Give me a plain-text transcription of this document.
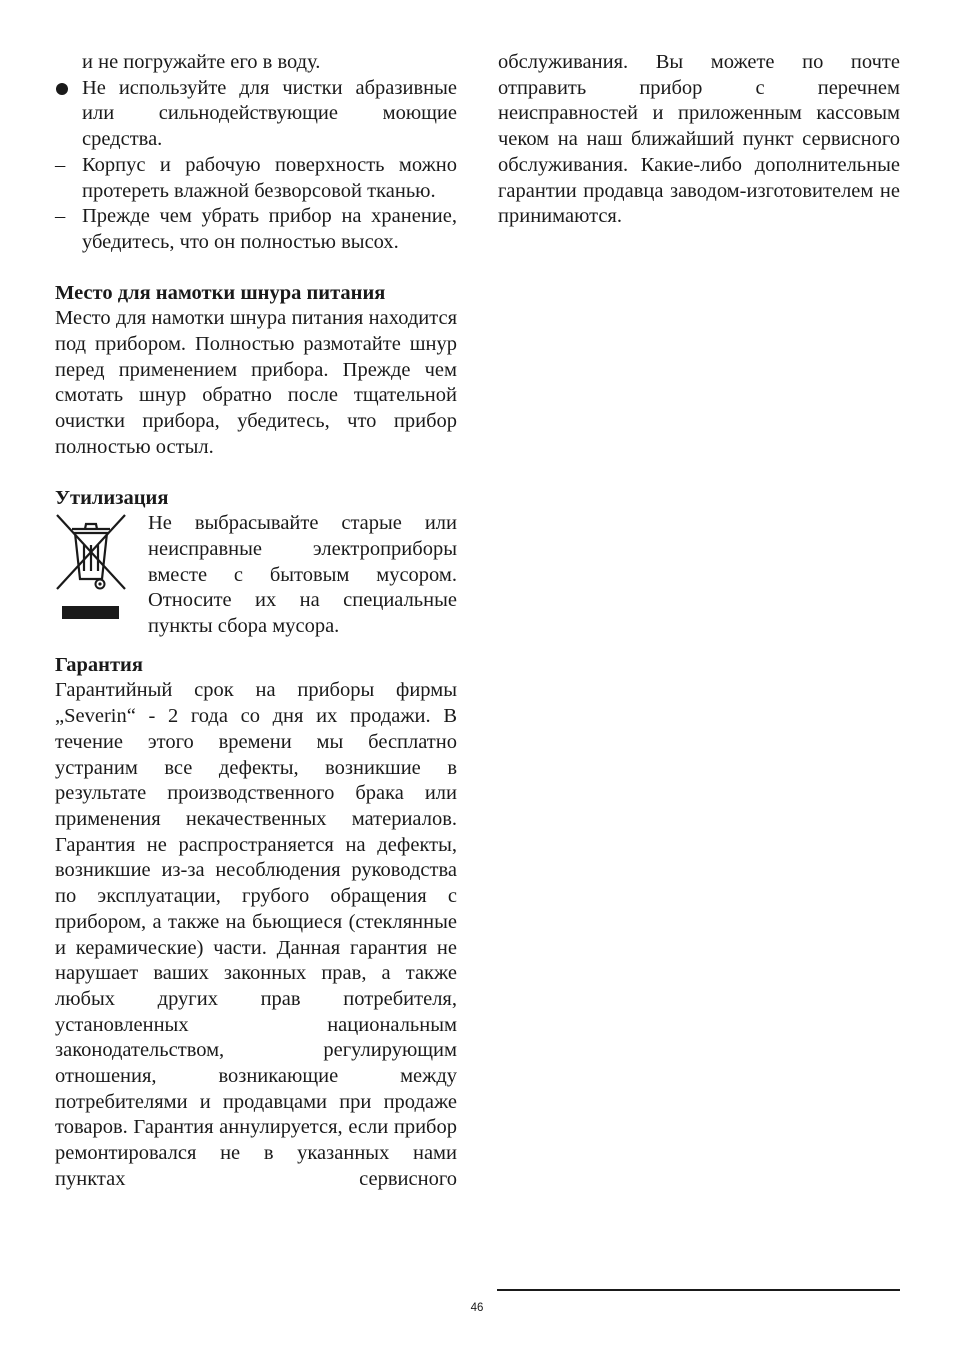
и не погружайте его в воду.

Не используйте для чистки абразивные или сильнодействующие моющие средства.
– Корпус и рабочую поверхность можно протереть влажной безворсовой тканью.
– Прежде чем убрать прибор на хранение, убедитесь, что он полностью высох.

Место для намотки шнура питания

Место для намотки шнура питания находится под прибором. Полностью размотайте шнур перед применением прибора. Прежде чем смотать шнур обратно после тщательной очистки прибора, убедитесь, что прибор полностью остыл.

Утилизация

Не выбрасывайте старые или неисправные электроприборы вместе с бытовым мусором. Относите их на специальные пункты сбора мусора.

Гарантия

Гарантийный срок на приборы фирмы „Severin“ - 2 года со дня их продажи. В течение этого времени мы бесплатно устраним все дефекты, возникшие в результате производственного брака или применения некачественных материалов. Гарантия не распространяется на дефекты, возникшие из-за несоблюдения руководства по эксплуатации, грубого обращения с прибором, а также на бьющиеся (стеклянные и керамические) части. Данная гарантия не нарушает ваших законных прав, а также любых других прав потребителя, установленных национальным законодательством, регулирующим отношения, возникающие между потребителями и продавцами при продаже товаров. Гарантия аннулируется, если прибор ремонтировался не в указанных нами пунктах сервисного

обслуживания. Вы можете по почте отправить прибор с перечнем неисправностей и приложенным кассовым чеком на наш ближайший пункт сервисного обслуживания. Какие-либо дополнительные гарантии продавца заводом-изготовителем не принимаются.

46
